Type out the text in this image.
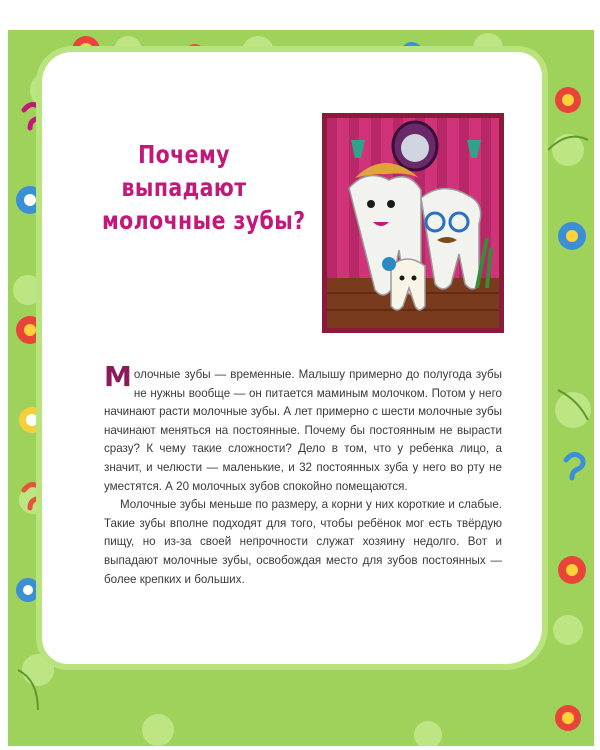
Почему
выпадают
молочные зубы?

Молочные зубы — временные. Малышу примерно до полугода зубы не нужны вообще — он питается маминым молочком. Потом у него начинают расти молочные зубы. А лет примерно с шести молочные зубы начинают меняться на постоянные. Почему бы постоянным не вырасти сразу? К чему такие сложности? Дело в том, что у ребенка лицо, а значит, и челюсти — маленькие, и 32 постоянных зуба у него во рту не уместятся. А 20 молочных зубов спокойно помещаются.

Молочные зубы меньше по размеру, а корни у них короткие и слабые. Такие зубы вполне подходят для того, чтобы ребёнок мог есть твёрдую пищу, но из-за своей непрочности служат хозяину недолго. Вот и выпадают молочные зубы, освобождая место для зубов постоянных — более крепких и больших.
